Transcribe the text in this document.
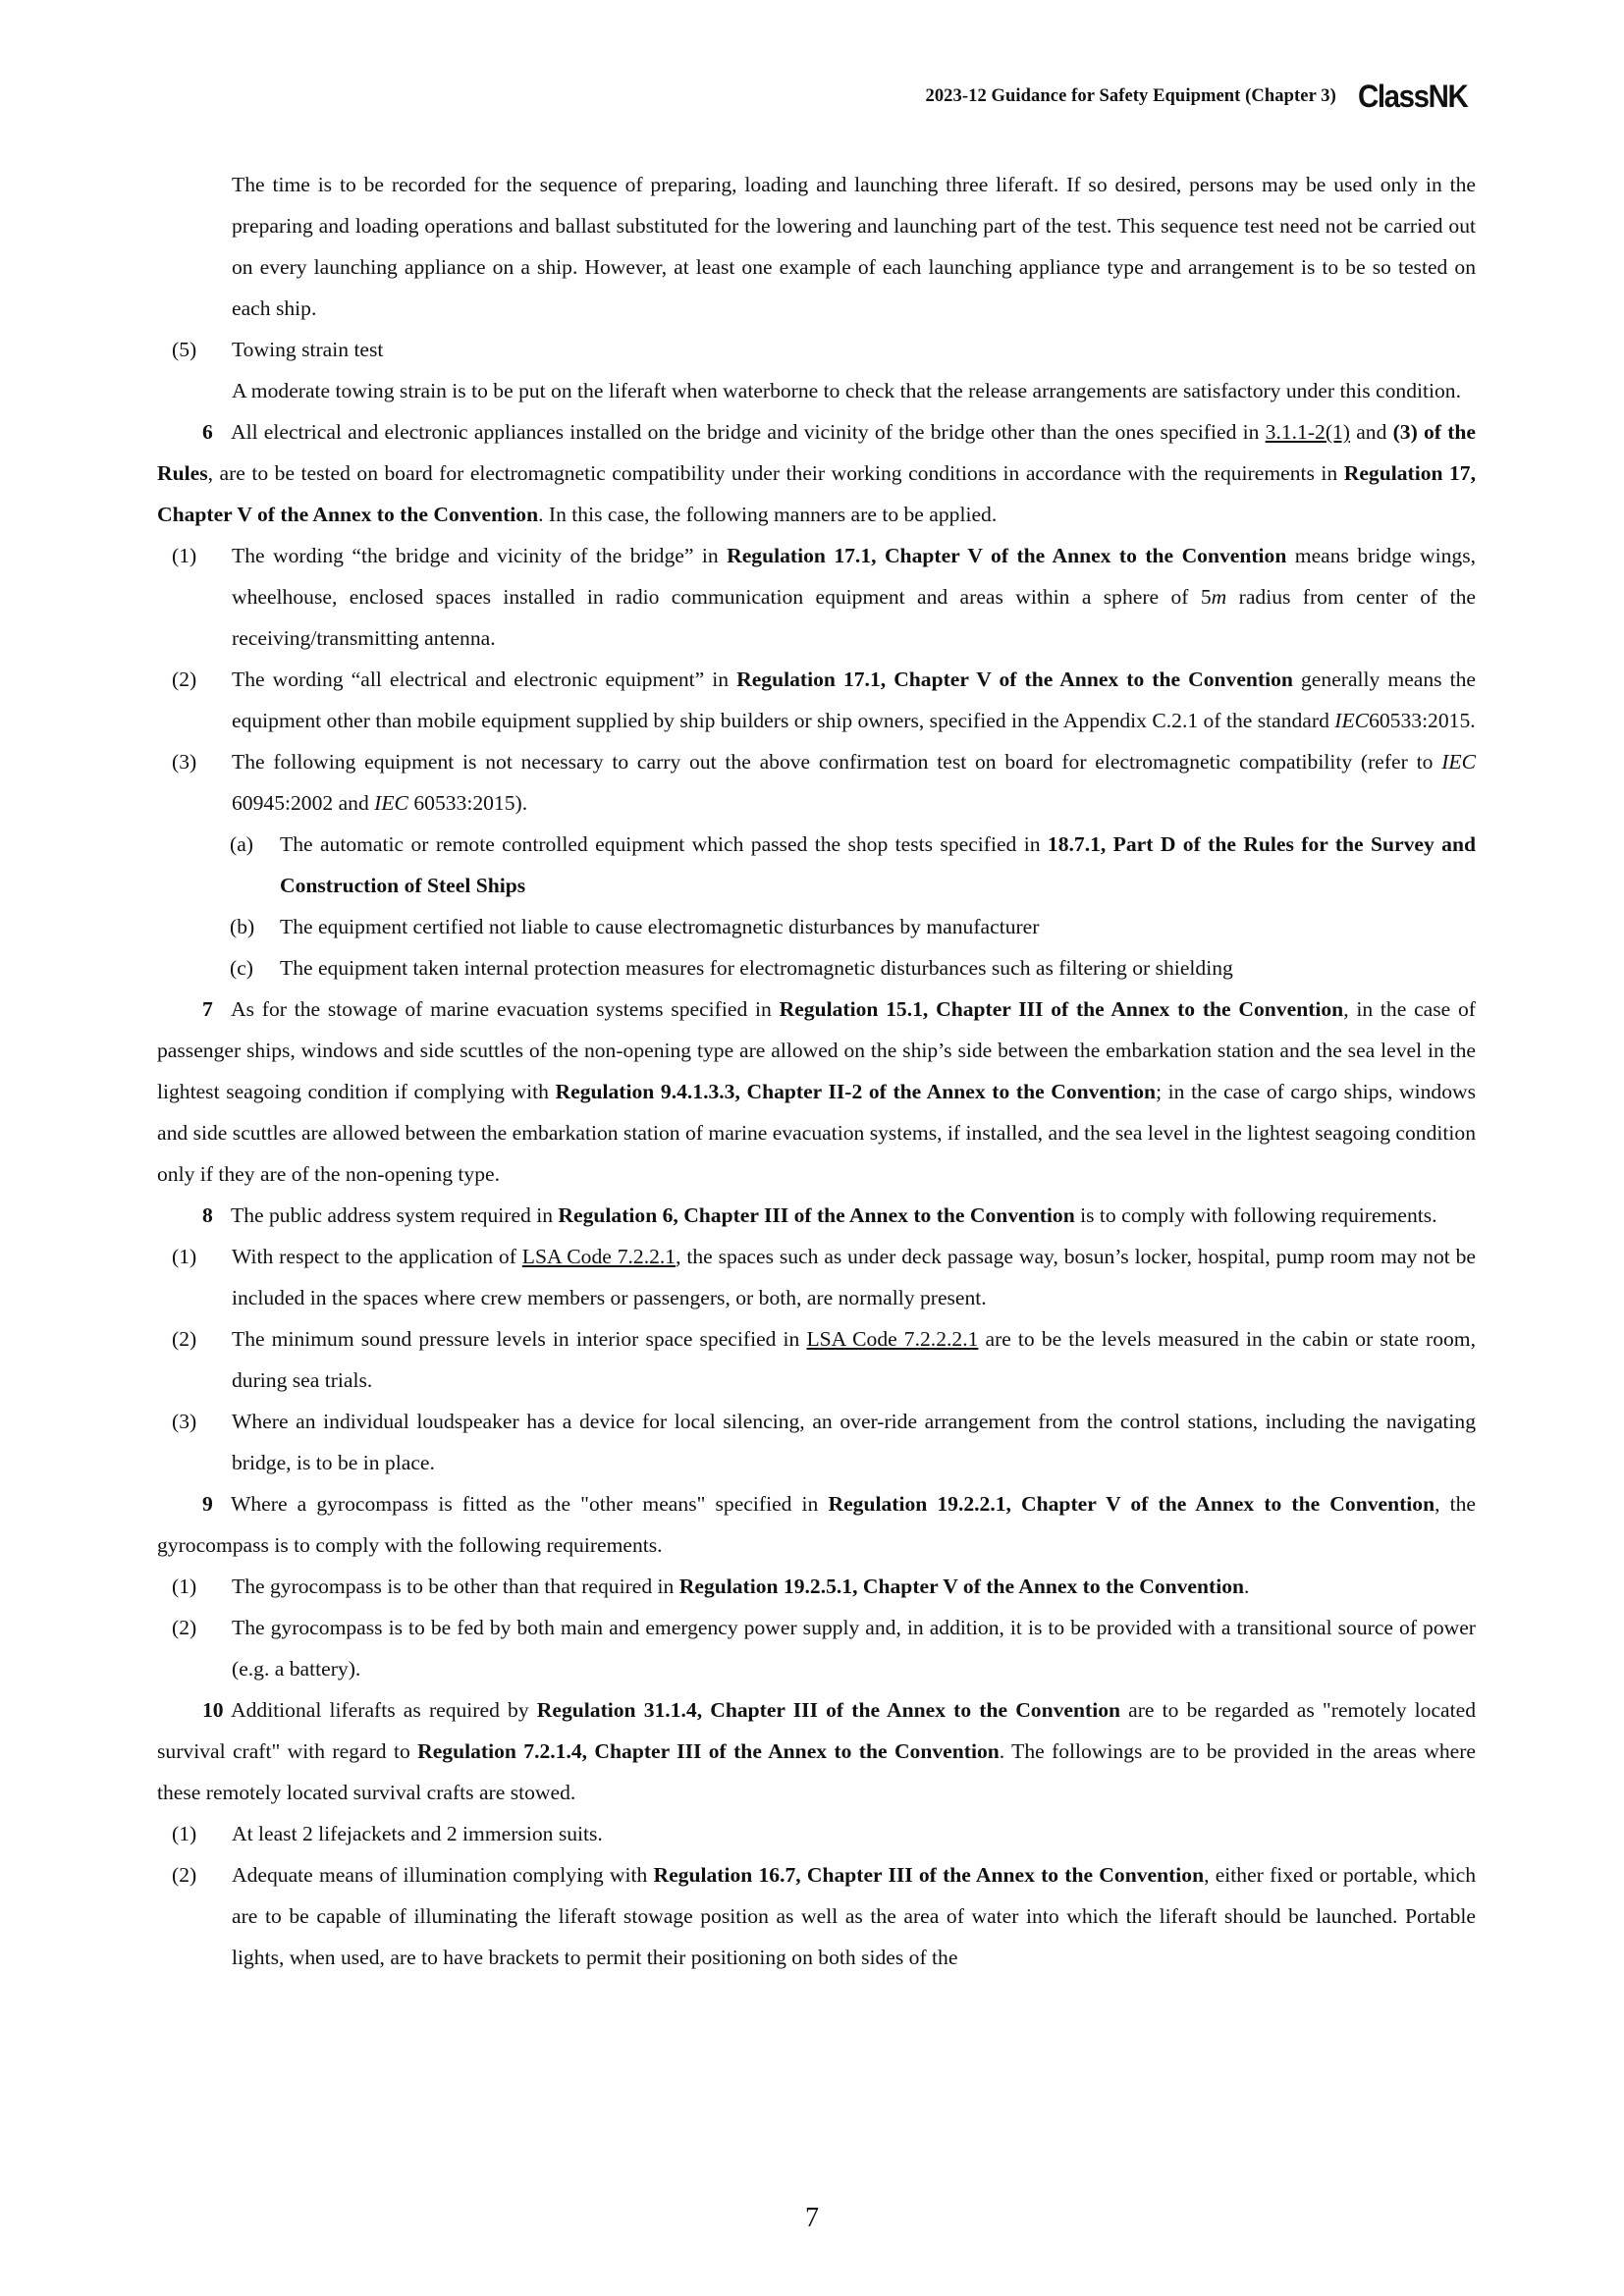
2023-12 Guidance for Safety Equipment (Chapter 3) ClassNK
The time is to be recorded for the sequence of preparing, loading and launching three liferaft. If so desired, persons may be used only in the preparing and loading operations and ballast substituted for the lowering and launching part of the test. This sequence test need not be carried out on every launching appliance on a ship. However, at least one example of each launching appliance type and arrangement is to be so tested on each ship.
(5) Towing strain test
A moderate towing strain is to be put on the liferaft when waterborne to check that the release arrangements are satisfactory under this condition.
6 All electrical and electronic appliances installed on the bridge and vicinity of the bridge other than the ones specified in 3.1.1-2(1) and (3) of the Rules, are to be tested on board for electromagnetic compatibility under their working conditions in accordance with the requirements in Regulation 17, Chapter V of the Annex to the Convention. In this case, the following manners are to be applied.
(1) The wording “the bridge and vicinity of the bridge” in Regulation 17.1, Chapter V of the Annex to the Convention means bridge wings, wheelhouse, enclosed spaces installed in radio communication equipment and areas within a sphere of 5m radius from center of the receiving/transmitting antenna.
(2) The wording “all electrical and electronic equipment” in Regulation 17.1, Chapter V of the Annex to the Convention generally means the equipment other than mobile equipment supplied by ship builders or ship owners, specified in the Appendix C.2.1 of the standard IEC60533:2015.
(3) The following equipment is not necessary to carry out the above confirmation test on board for electromagnetic compatibility (refer to IEC 60945:2002 and IEC 60533:2015).
(a) The automatic or remote controlled equipment which passed the shop tests specified in 18.7.1, Part D of the Rules for the Survey and Construction of Steel Ships
(b) The equipment certified not liable to cause electromagnetic disturbances by manufacturer
(c) The equipment taken internal protection measures for electromagnetic disturbances such as filtering or shielding
7 As for the stowage of marine evacuation systems specified in Regulation 15.1, Chapter III of the Annex to the Convention, in the case of passenger ships, windows and side scuttles of the non-opening type are allowed on the ship’s side between the embarkation station and the sea level in the lightest seagoing condition if complying with Regulation 9.4.1.3.3, Chapter II-2 of the Annex to the Convention; in the case of cargo ships, windows and side scuttles are allowed between the embarkation station of marine evacuation systems, if installed, and the sea level in the lightest seagoing condition only if they are of the non-opening type.
8 The public address system required in Regulation 6, Chapter III of the Annex to the Convention is to comply with following requirements.
(1) With respect to the application of LSA Code 7.2.2.1, the spaces such as under deck passage way, bosun’s locker, hospital, pump room may not be included in the spaces where crew members or passengers, or both, are normally present.
(2) The minimum sound pressure levels in interior space specified in LSA Code 7.2.2.2.1 are to be the levels measured in the cabin or state room, during sea trials.
(3) Where an individual loudspeaker has a device for local silencing, an over-ride arrangement from the control stations, including the navigating bridge, is to be in place.
9 Where a gyrocompass is fitted as the "other means" specified in Regulation 19.2.2.1, Chapter V of the Annex to the Convention, the gyrocompass is to comply with the following requirements.
(1) The gyrocompass is to be other than that required in Regulation 19.2.5.1, Chapter V of the Annex to the Convention.
(2) The gyrocompass is to be fed by both main and emergency power supply and, in addition, it is to be provided with a transitional source of power (e.g. a battery).
10 Additional liferafts as required by Regulation 31.1.4, Chapter III of the Annex to the Convention are to be regarded as "remotely located survival craft" with regard to Regulation 7.2.1.4, Chapter III of the Annex to the Convention. The followings are to be provided in the areas where these remotely located survival crafts are stowed.
(1) At least 2 lifejackets and 2 immersion suits.
(2) Adequate means of illumination complying with Regulation 16.7, Chapter III of the Annex to the Convention, either fixed or portable, which are to be capable of illuminating the liferaft stowage position as well as the area of water into which the liferaft should be launched. Portable lights, when used, are to have brackets to permit their positioning on both sides of the
7
